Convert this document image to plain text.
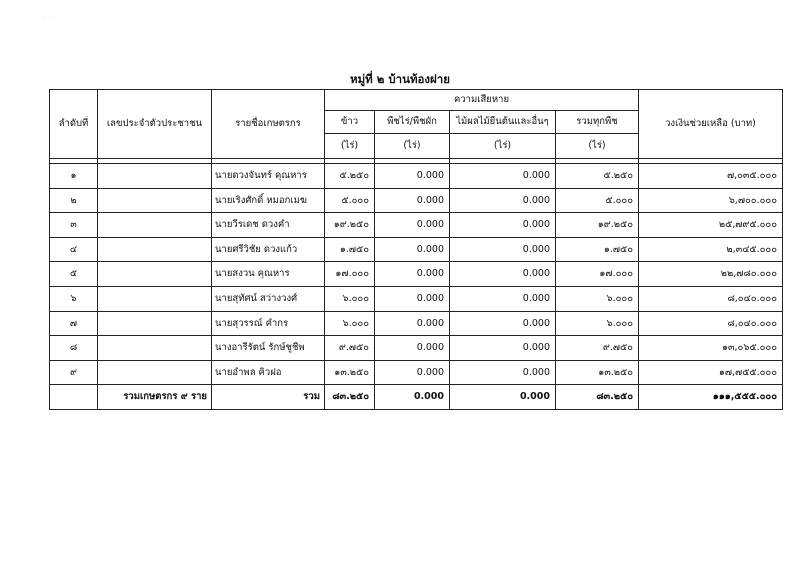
- -
หมู่ที่ ๒ บ้านท้องฝาย
ลำดับที่	เลขประจำตัวประชาชน	รายชื่อเกษตรกร	ความเสียหาย				วงเงินช่วยเหลือ (บาท)
			ข้าว	พืชไร่/พืชผัก	ไม้ผลไม้ยืนต้นและอื่นๆ	รวมทุกพืช	
			(ไร่)	(ไร่)	(ไร่)	(ไร่)	

๑		นายดวงจันทร์ คุณหาร	๕.๒๕๐	0.000	0.000	๕.๒๕๐	๗,๐๓๕.๐๐๐
๒		นายเริงศักดิ์ หมอกเมฆ	๕.๐๐๐	0.000	0.000	๕.๐๐๐	๖,๗๐๐.๐๐๐
๓		นายวีรเดช ดวงคำ	๑๙.๒๕๐	0.000	0.000	๑๙.๒๕๐	๒๕,๗๙๕.๐๐๐
๔		นายศรีวิชัย ดวงแก้ว	๑.๗๕๐	0.000	0.000	๑.๗๕๐	๒,๓๔๕.๐๐๐
๕		นายสงวน คุณหาร	๑๗.๐๐๐	0.000	0.000	๑๗.๐๐๐	๒๒,๗๘๐.๐๐๐
๖		นายสุทัศน์ สว่างวงศ์	๖.๐๐๐	0.000	0.000	๖.๐๐๐	๘,๐๔๐.๐๐๐
๗		นายสุวรรณ์ คำกร	๖.๐๐๐	0.000	0.000	๖.๐๐๐	๘,๐๔๐.๐๐๐
๘		นางอารีรัตน์ รักษ์ชูชีพ	๙.๗๕๐	0.000	0.000	๙.๗๕๐	๑๓,๐๖๕.๐๐๐
๙		นายอำพล คิวฝอ	๑๓.๒๕๐	0.000	0.000	๑๓.๒๕๐	๑๗,๗๕๕.๐๐๐
	รวมเกษตรกร ๙ ราย	รวม	๘๓.๒๕๐	0.000	0.000	๘๓.๒๕๐	๑๑๑,๕๕๕.๐๐๐
